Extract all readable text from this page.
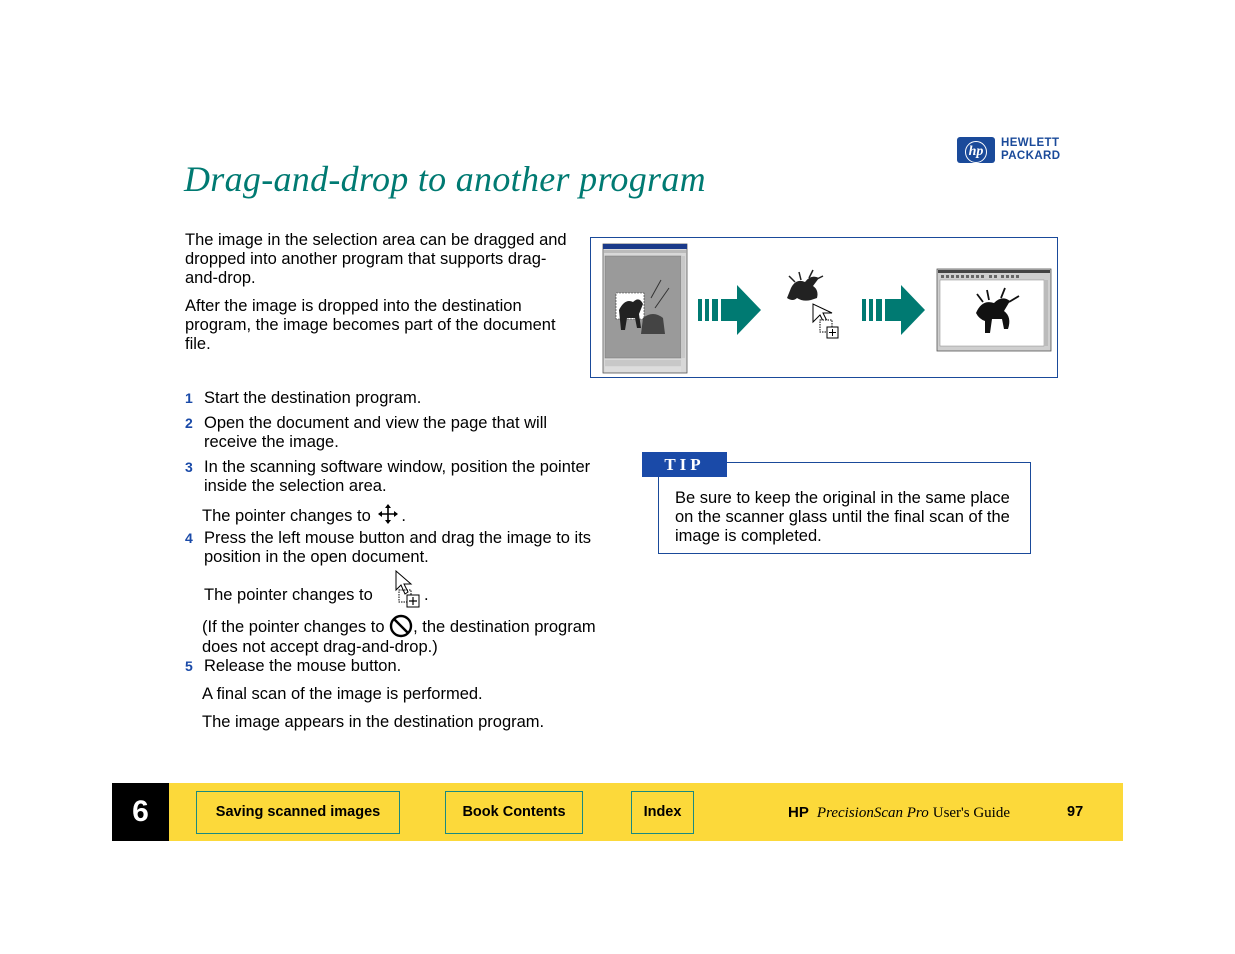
hp
HEWLETT
PACKARD
Drag-and-drop to another program
The image in the selection area can be dragged and dropped into another program that supports drag-and-drop.
After the image is dropped into the destination program, the image becomes part of the document file.
1 Start the destination program.
2 Open the document and view the page that will receive the image.
3 In the scanning software window, position the pointer inside the selection area.
The pointer changes to .
4 Press the left mouse button and drag the image to its position in the open document.
The pointer changes to	.
(If the pointer changes to , the destination program does not accept drag-and-drop.)
5 Release the mouse button.
A final scan of the image is performed.
The image appears in the destination program.
TIP
Be sure to keep the original in the same place on the scanner glass until the final scan of the image is completed.
6	Saving scanned images	Book Contents	Index	HP PrecisionScan Pro User's Guide	97
